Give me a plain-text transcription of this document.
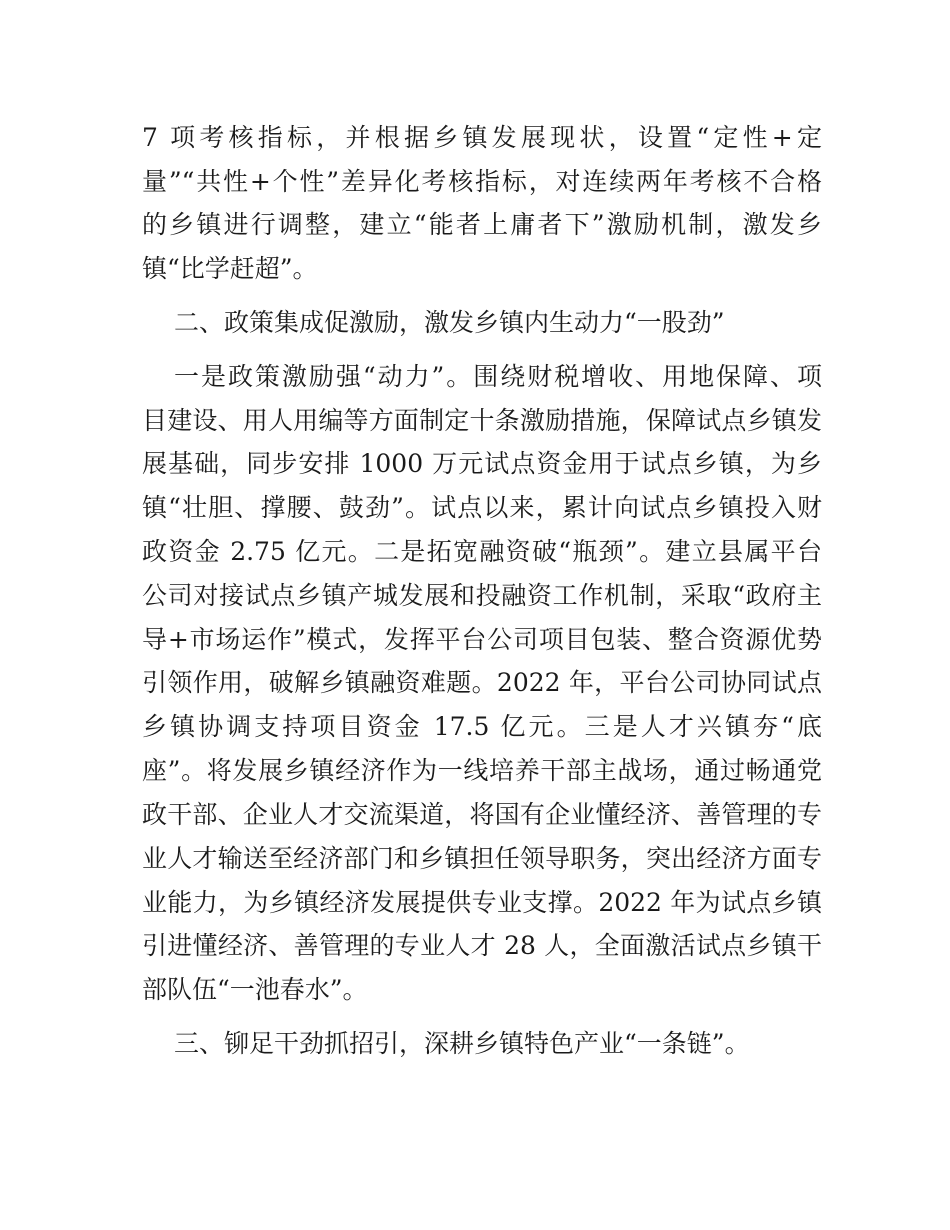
7 项考核指标，并根据乡镇发展现状，设置“定性+定
量”“共性+个性”差异化考核指标，对连续两年考核不合格
的乡镇进行调整，建立“能者上庸者下”激励机制，激发乡
镇“比学赶超”。
二、政策集成促激励，激发乡镇内生动力“一股劲”
一是政策激励强“动力”。围绕财税增收、用地保障、项
目建设、用人用编等方面制定十条激励措施，保障试点乡镇发
展基础，同步安排 1000 万元试点资金用于试点乡镇，为乡
镇“壮胆、撑腰、鼓劲”。试点以来，累计向试点乡镇投入财
政资金 2.75 亿元。二是拓宽融资破“瓶颈”。建立县属平台
公司对接试点乡镇产城发展和投融资工作机制，采取“政府主
导+市场运作”模式，发挥平台公司项目包装、整合资源优势
引领作用，破解乡镇融资难题。2022 年，平台公司协同试点
乡镇协调支持项目资金 17.5 亿元。三是人才兴镇夯“底
座”。将发展乡镇经济作为一线培养干部主战场，通过畅通党
政干部、企业人才交流渠道，将国有企业懂经济、善管理的专
业人才输送至经济部门和乡镇担任领导职务，突出经济方面专
业能力，为乡镇经济发展提供专业支撑。2022 年为试点乡镇
引进懂经济、善管理的专业人才 28 人，全面激活试点乡镇干
部队伍“一池春水”。
三、铆足干劲抓招引，深耕乡镇特色产业“一条链”。
